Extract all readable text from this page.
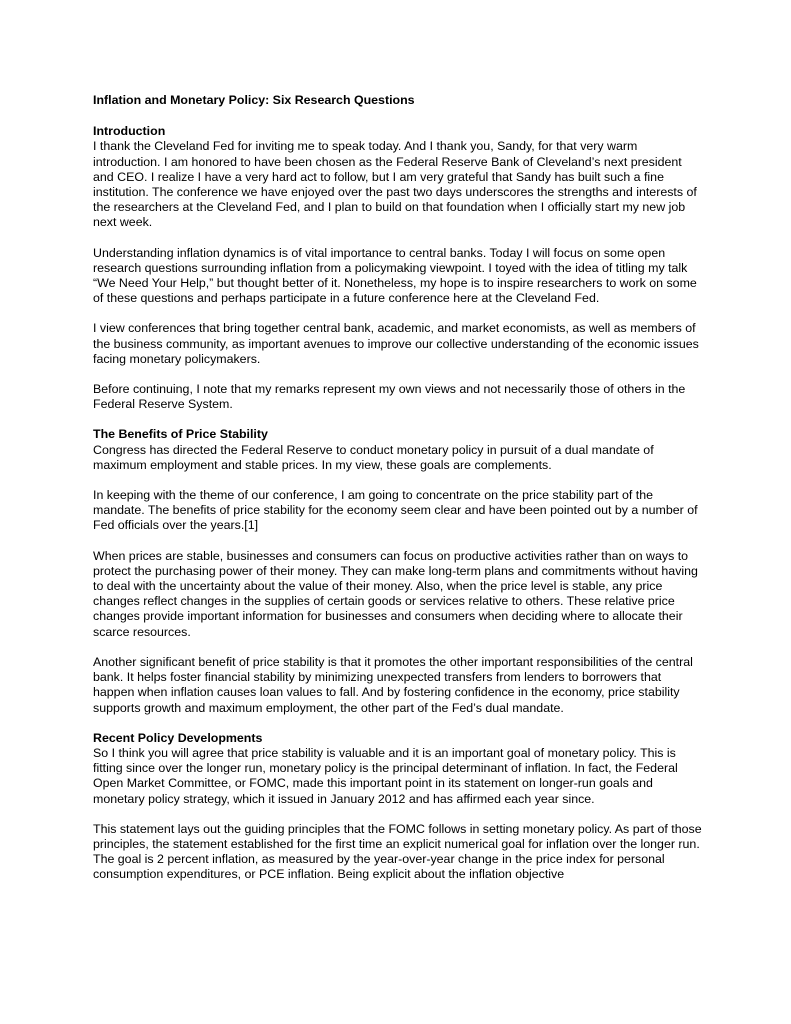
Inflation and Monetary Policy: Six Research Questions

Introduction

I thank the Cleveland Fed for inviting me to speak today. And I thank you, Sandy, for that very warm introduction. I am honored to have been chosen as the Federal Reserve Bank of Cleveland’s next president and CEO. I realize I have a very hard act to follow, but I am very grateful that Sandy has built such a fine institution. The conference we have enjoyed over the past two days underscores the strengths and interests of the researchers at the Cleveland Fed, and I plan to build on that foundation when I officially start my new job next week.

Understanding inflation dynamics is of vital importance to central banks. Today I will focus on some open research questions surrounding inflation from a policymaking viewpoint. I toyed with the idea of titling my talk “We Need Your Help,” but thought better of it. Nonetheless, my hope is to inspire researchers to work on some of these questions and perhaps participate in a future conference here at the Cleveland Fed.

I view conferences that bring together central bank, academic, and market economists, as well as members of the business community, as important avenues to improve our collective understanding of the economic issues facing monetary policymakers.

Before continuing, I note that my remarks represent my own views and not necessarily those of others in the Federal Reserve System.

The Benefits of Price Stability

Congress has directed the Federal Reserve to conduct monetary policy in pursuit of a dual mandate of maximum employment and stable prices. In my view, these goals are complements.

In keeping with the theme of our conference, I am going to concentrate on the price stability part of the mandate. The benefits of price stability for the economy seem clear and have been pointed out by a number of Fed officials over the years.[1]

When prices are stable, businesses and consumers can focus on productive activities rather than on ways to protect the purchasing power of their money. They can make long-term plans and commitments without having to deal with the uncertainty about the value of their money. Also, when the price level is stable, any price changes reflect changes in the supplies of certain goods or services relative to others. These relative price changes provide important information for businesses and consumers when deciding where to allocate their scarce resources.

Another significant benefit of price stability is that it promotes the other important responsibilities of the central bank. It helps foster financial stability by minimizing unexpected transfers from lenders to borrowers that happen when inflation causes loan values to fall. And by fostering confidence in the economy, price stability supports growth and maximum employment, the other part of the Fed’s dual mandate.

Recent Policy Developments

So I think you will agree that price stability is valuable and it is an important goal of monetary policy. This is fitting since over the longer run, monetary policy is the principal determinant of inflation. In fact, the Federal Open Market Committee, or FOMC, made this important point in its statement on longer-run goals and monetary policy strategy, which it issued in January 2012 and has affirmed each year since.

This statement lays out the guiding principles that the FOMC follows in setting monetary policy. As part of those principles, the statement established for the first time an explicit numerical goal for inflation over the longer run. The goal is 2 percent inflation, as measured by the year-over-year change in the price index for personal consumption expenditures, or PCE inflation. Being explicit about the inflation objective
